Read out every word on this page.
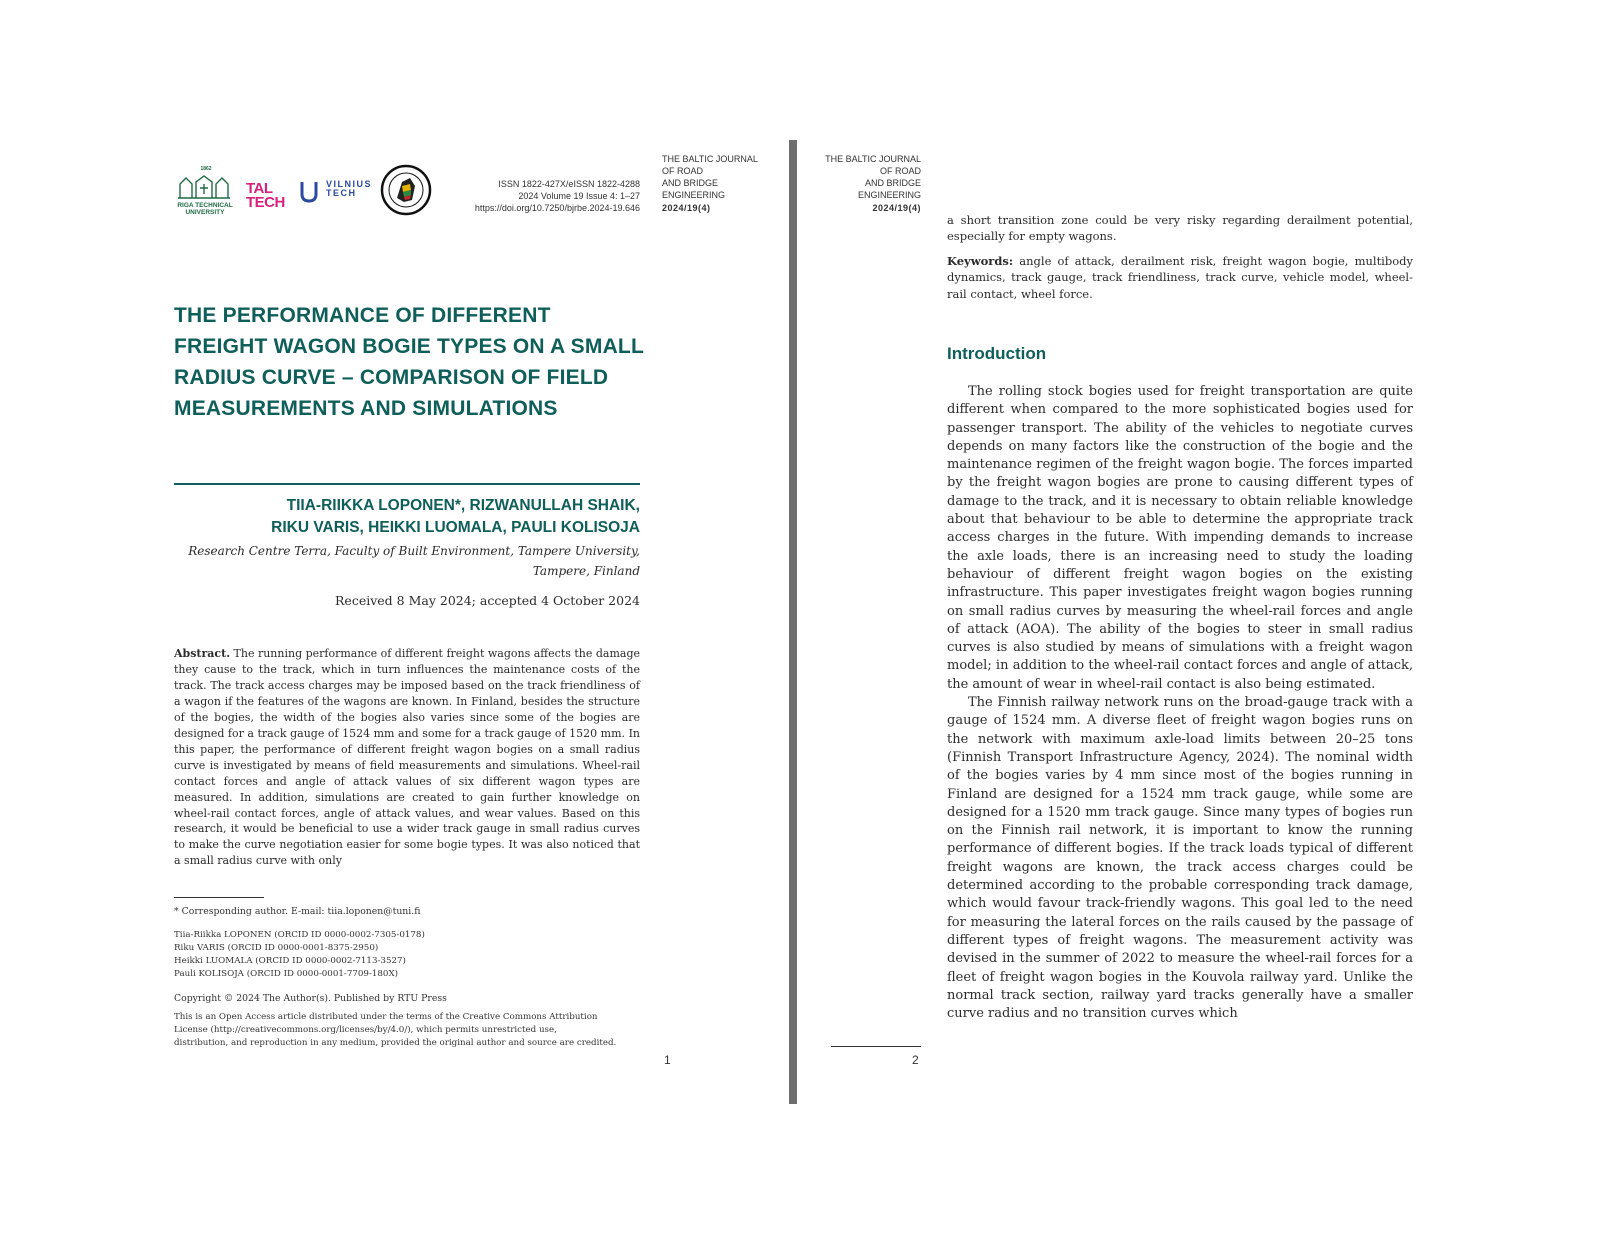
1862
RIGA TECHNICAL UNIVERSITY
TAL
TECH
VILNIUS
TECH

ISSN 1822-427X/eISSN 1822-4288
2024 Volume 19 Issue 4: 1–27
https://doi.org/10.7250/bjrbe.2024-19.646
THE BALTIC JOURNAL
OF ROAD
AND BRIDGE
ENGINEERING
2024/19(4)
THE PERFORMANCE OF DIFFERENT
FREIGHT WAGON BOGIE TYPES ON A SMALL
RADIUS CURVE – COMPARISON OF FIELD
MEASUREMENTS AND SIMULATIONS
TIIA-RIIKKA LOPONEN*, RIZWANULLAH SHAIK,
RIKU VARIS, HEIKKI LUOMALA, PAULI KOLISOJA
Research Centre Terra, Faculty of Built Environment, Tampere University,
Tampere, Finland
Received 8 May 2024; accepted 4 October 2024
Abstract. The running performance of different freight wagons affects the damage they cause to the track, which in turn influences the maintenance costs of the track. The track access charges may be imposed based on the track friendliness of a wagon if the features of the wagons are known. In Finland, besides the structure of the bogies, the width of the bogies also varies since some of the bogies are designed for a track gauge of 1524 mm and some for a track gauge of 1520 mm. In this paper, the performance of different freight wagon bogies on a small radius curve is investigated by means of field measurements and simulations. Wheel-rail contact forces and angle of attack values of six different wagon types are measured. In addition, simulations are created to gain further knowledge on wheel-rail contact forces, angle of attack values, and wear values. Based on this research, it would be beneficial to use a wider track gauge in small radius curves to make the curve negotiation easier for some bogie types. It was also noticed that a small radius curve with only
* Corresponding author. E-mail: tiia.loponen@tuni.fi
Tiia-Riikka LOPONEN (ORCID ID 0000-0002-7305-0178)
Riku VARIS (ORCID ID 0000-0001-8375-2950)
Heikki LUOMALA (ORCID ID 0000-0002-7113-3527)
Pauli KOLISOJA (ORCID ID 0000-0001-7709-180X)
Copyright © 2024 The Author(s). Published by RTU Press
This is an Open Access article distributed under the terms of the Creative Commons Attribution
License (http://creativecommons.org/licenses/by/4.0/), which permits unrestricted use,
distribution, and reproduction in any medium, provided the original author and source are credited.
1
THE BALTIC JOURNAL
OF ROAD
AND BRIDGE
ENGINEERING
2024/19(4)
a short transition zone could be very risky regarding derailment potential, especially for empty wagons.
Keywords: angle of attack, derailment risk, freight wagon bogie, multibody dynamics, track gauge, track friendliness, track curve, vehicle model, wheel-rail contact, wheel force.
Introduction

The rolling stock bogies used for freight transportation are quite different when compared to the more sophisticated bogies used for passenger transport. The ability of the vehicles to negotiate curves depends on many factors like the construction of the bogie and the maintenance regimen of the freight wagon bogie. The forces imparted by the freight wagon bogies are prone to causing different types of damage to the track, and it is necessary to obtain reliable knowledge about that behaviour to be able to determine the appropriate track access charges in the future. With impending demands to increase the axle loads, there is an increasing need to study the loading behaviour of different freight wagon bogies on the existing infrastructure. This paper investigates freight wagon bogies running on small radius curves by measuring the wheel-rail forces and angle of attack (AOA). The ability of the bogies to steer in small radius curves is also studied by means of simulations with a freight wagon model; in addition to the wheel-rail contact forces and angle of attack, the amount of wear in wheel-rail contact is also being estimated.

The Finnish railway network runs on the broad-gauge track with a gauge of 1524 mm. A diverse fleet of freight wagon bogies runs on the network with maximum axle-load limits between 20–25 tons (Finnish Transport Infrastructure Agency, 2024). The nominal width of the bogies varies by 4 mm since most of the bogies running in Finland are designed for a 1524 mm track gauge, while some are designed for a 1520 mm track gauge. Since many types of bogies run on the Finnish rail network, it is important to know the running performance of different bogies. If the track loads typical of different freight wagons are known, the track access charges could be determined according to the probable corresponding track damage, which would favour track-friendly wagons. This goal led to the need for measuring the lateral forces on the rails caused by the passage of different types of freight wagons. The measurement activity was devised in the summer of 2022 to measure the wheel-rail forces for a fleet of freight wagon bogies in the Kouvola railway yard. Unlike the normal track section, railway yard tracks generally have a smaller curve radius and no transition curves which

2
